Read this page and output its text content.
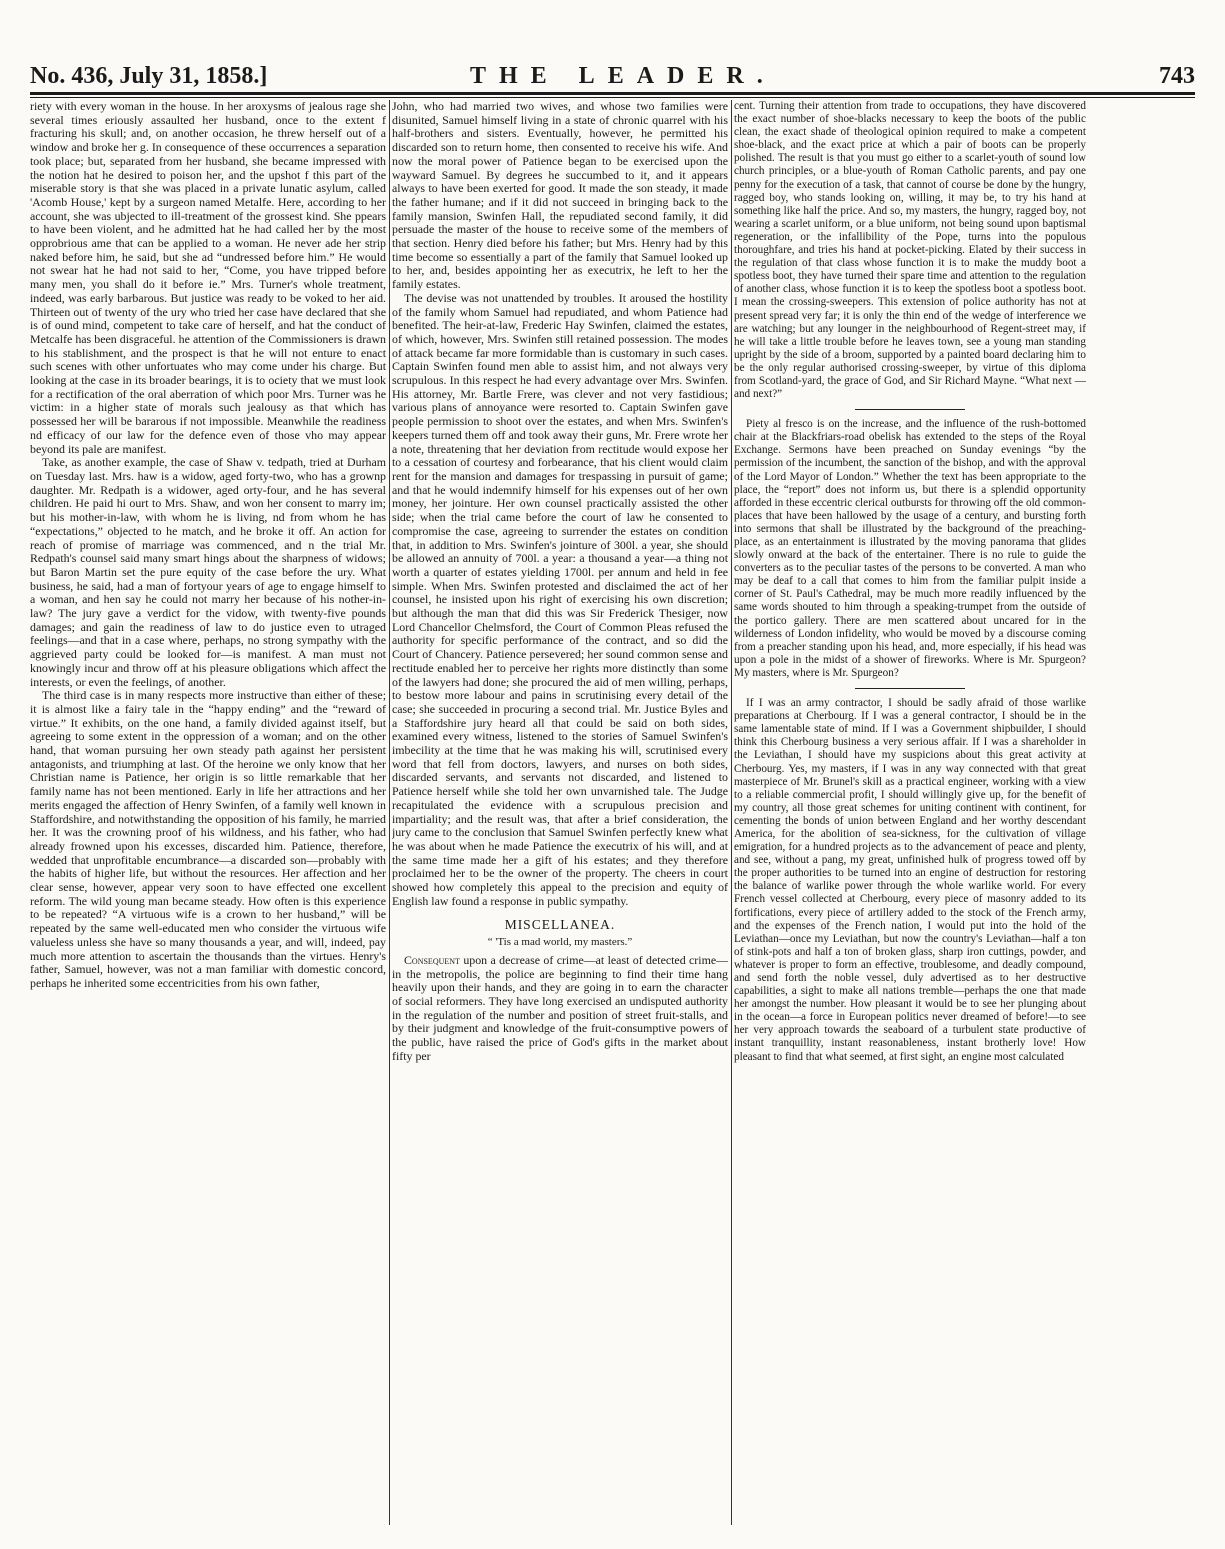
No. 436, July 31, 1858.]	THE LEADER.	743

riety with every woman in the house. In her aroxysms of jealous rage she several times eriously assaulted her husband, once to the extent f fracturing his skull; and, on another occasion, he threw herself out of a window and broke her g. In consequence of these occurrences a separation took place; but, separated from her husband, she became impressed with the notion hat he desired to poison her, and the upshot f this part of the miserable story is that she was placed in a private lunatic asylum, called 'Acomb House,' kept by a surgeon named Metalfe. Here, according to her account, she was ubjected to ill-treatment of the grossest kind. She ppears to have been violent, and he admitted hat he had called her by the most opprobrious ame that can be applied to a woman. He never ade her strip naked before him, he said, but she ad “undressed before him.” He would not swear hat he had not said to her, “Come, you have tripped before many men, you shall do it before ie.” Mrs. Turner's whole treatment, indeed, was early barbarous. But justice was ready to be voked to her aid. Thirteen out of twenty of the ury who tried her case have declared that she is of ound mind, competent to take care of herself, and hat the conduct of Metcalfe has been disgraceful. he attention of the Commissioners is drawn to his stablishment, and the prospect is that he will not enture to enact such scenes with other unfortuates who may come under his charge. But looking at the case in its broader bearings, it is to ociety that we must look for a rectification of the oral aberration of which poor Mrs. Turner was he victim: in a higher state of morals such jealousy as that which has possessed her will be bararous if not impossible. Meanwhile the readiness nd efficacy of our law for the defence even of those vho may appear beyond its pale are manifest.

Take, as another example, the case of Shaw v. tedpath, tried at Durham on Tuesday last. Mrs. haw is a widow, aged forty-two, who has a grownp daughter. Mr. Redpath is a widower, aged orty-four, and he has several children. He paid hi ourt to Mrs. Shaw, and won her consent to marry im; but his mother-in-law, with whom he is living, nd from whom he has “expectations,” objected to he match, and he broke it off. An action for reach of promise of marriage was commenced, and n the trial Mr. Redpath's counsel said many smart hings about the sharpness of widows; but Baron Martin set the pure equity of the case before the ury. What business, he said, had a man of fortyour years of age to engage himself to a woman, and hen say he could not marry her because of his nother-in-law? The jury gave a verdict for the vidow, with twenty-five pounds damages; and gain the readiness of law to do justice even to utraged feelings—and that in a case where, perhaps, no strong sympathy with the aggrieved party could be looked for—is manifest. A man must not knowingly incur and throw off at his pleasure obligations which affect the interests, or even the feelings, of another.

The third case is in many respects more instructive than either of these; it is almost like a fairy tale in the “happy ending” and the “reward of virtue.” It exhibits, on the one hand, a family divided against itself, but agreeing to some extent in the oppression of a woman; and on the other hand, that woman pursuing her own steady path against her persistent antagonists, and triumphing at last. Of the heroine we only know that her Christian name is Patience, her origin is so little remarkable that her family name has not been mentioned. Early in life her attractions and her merits engaged the affection of Henry Swinfen, of a family well known in Staffordshire, and notwithstanding the opposition of his family, he married her. It was the crowning proof of his wildness, and his father, who had already frowned upon his excesses, discarded him. Patience, therefore, wedded that unprofitable encumbrance—a discarded son—probably with the habits of higher life, but without the resources. Her affection and her clear sense, however, appear very soon to have effected one excellent reform. The wild young man became steady. How often is this experience to be repeated? “A virtuous wife is a crown to her husband,” will be repeated by the same well-educated men who consider the virtuous wife valueless unless she have so many thousands a year, and will, indeed, pay much more attention to ascertain the thousands than the virtues. Henry's father, Samuel, however, was not a man familiar with domestic concord, perhaps he inherited some eccentricities from his own father,

John, who had married two wives, and whose two families were disunited, Samuel himself living in a state of chronic quarrel with his half-brothers and sisters. Eventually, however, he permitted his discarded son to return home, then consented to receive his wife. And now the moral power of Patience began to be exercised upon the wayward Samuel. By degrees he succumbed to it, and it appears always to have been exerted for good. It made the son steady, it made the father humane; and if it did not succeed in bringing back to the family mansion, Swinfen Hall, the repudiated second family, it did persuade the master of the house to receive some of the members of that section. Henry died before his father; but Mrs. Henry had by this time become so essentially a part of the family that Samuel looked up to her, and, besides appointing her as executrix, he left to her the family estates.

The devise was not unattended by troubles. It aroused the hostility of the family whom Samuel had repudiated, and whom Patience had benefited. The heir-at-law, Frederic Hay Swinfen, claimed the estates, of which, however, Mrs. Swinfen still retained possession. The modes of attack became far more formidable than is customary in such cases. Captain Swinfen found men able to assist him, and not always very scrupulous. In this respect he had every advantage over Mrs. Swinfen. His attorney, Mr. Bartle Frere, was clever and not very fastidious; various plans of annoyance were resorted to. Captain Swinfen gave people permission to shoot over the estates, and when Mrs. Swinfen's keepers turned them off and took away their guns, Mr. Frere wrote her a note, threatening that her deviation from rectitude would expose her to a cessation of courtesy and forbearance, that his client would claim rent for the mansion and damages for trespassing in pursuit of game; and that he would indemnify himself for his expenses out of her own money, her jointure. Her own counsel practically assisted the other side; when the trial came before the court of law he consented to compromise the case, agreeing to surrender the estates on condition that, in addition to Mrs. Swinfen's jointure of 300l. a year, she should be allowed an annuity of 700l. a year: a thousand a year—a thing not worth a quarter of estates yielding 1700l. per annum and held in fee simple. When Mrs. Swinfen protested and disclaimed the act of her counsel, he insisted upon his right of exercising his own discretion; but although the man that did this was Sir Frederick Thesiger, now Lord Chancellor Chelmsford, the Court of Common Pleas refused the authority for specific performance of the contract, and so did the Court of Chancery. Patience persevered; her sound common sense and rectitude enabled her to perceive her rights more distinctly than some of the lawyers had done; she procured the aid of men willing, perhaps, to bestow more labour and pains in scrutinising every detail of the case; she succeeded in procuring a second trial. Mr. Justice Byles and a Staffordshire jury heard all that could be said on both sides, examined every witness, listened to the stories of Samuel Swinfen's imbecility at the time that he was making his will, scrutinised every word that fell from doctors, lawyers, and nurses on both sides, discarded servants, and servants not discarded, and listened to Patience herself while she told her own unvarnished tale. The Judge recapitulated the evidence with a scrupulous precision and impartiality; and the result was, that after a brief consideration, the jury came to the conclusion that Samuel Swinfen perfectly knew what he was about when he made Patience the executrix of his will, and at the same time made her a gift of his estates; and they therefore proclaimed her to be the owner of the property. The cheers in court showed how completely this appeal to the precision and equity of English law found a response in public sympathy.

MISCELLANEA.
“ 'Tis a mad world, my masters.”

Consequent upon a decrease of crime—at least of detected crime—in the metropolis, the police are beginning to find their time hang heavily upon their hands, and they are going in to earn the character of social reformers. They have long exercised an undisputed authority in the regulation of the number and position of street fruit-stalls, and by their judgment and knowledge of the fruit-consumptive powers of the public, have raised the price of God's gifts in the market about fifty per

cent. Turning their attention from trade to occupations, they have discovered the exact number of shoe-blacks necessary to keep the boots of the public clean, the exact shade of theological opinion required to make a competent shoe-black, and the exact price at which a pair of boots can be properly polished. The result is that you must go either to a scarlet-youth of sound low church principles, or a blue-youth of Roman Catholic parents, and pay one penny for the execution of a task, that cannot of course be done by the hungry, ragged boy, who stands looking on, willing, it may be, to try his hand at something like half the price. And so, my masters, the hungry, ragged boy, not wearing a scarlet uniform, or a blue uniform, not being sound upon baptismal regeneration, or the infallibility of the Pope, turns into the populous thoroughfare, and tries his hand at pocket-picking. Elated by their success in the regulation of that class whose function it is to make the muddy boot a spotless boot, they have turned their spare time and attention to the regulation of another class, whose function it is to keep the spotless boot a spotless boot. I mean the crossing-sweepers. This extension of police authority has not at present spread very far; it is only the thin end of the wedge of interference we are watching; but any lounger in the neighbourhood of Regent-street may, if he will take a little trouble before he leaves town, see a young man standing upright by the side of a broom, supported by a painted board declaring him to be the only regular authorised crossing-sweeper, by virtue of this diploma from Scotland-yard, the grace of God, and Sir Richard Mayne. “What next —and next?”

Piety al fresco is on the increase, and the influence of the rush-bottomed chair at the Blackfriars-road obelisk has extended to the steps of the Royal Exchange. Sermons have been preached on Sunday evenings “by the permission of the incumbent, the sanction of the bishop, and with the approval of the Lord Mayor of London.” Whether the text has been appropriate to the place, the “report” does not inform us, but there is a splendid opportunity afforded in these eccentric clerical outbursts for throwing off the old common-places that have been hallowed by the usage of a century, and bursting forth into sermons that shall be illustrated by the background of the preaching-place, as an entertainment is illustrated by the moving panorama that glides slowly onward at the back of the entertainer. There is no rule to guide the converters as to the peculiar tastes of the persons to be converted. A man who may be deaf to a call that comes to him from the familiar pulpit inside a corner of St. Paul's Cathedral, may be much more readily influenced by the same words shouted to him through a speaking-trumpet from the outside of the portico gallery. There are men scattered about uncared for in the wilderness of London infidelity, who would be moved by a discourse coming from a preacher standing upon his head, and, more especially, if his head was upon a pole in the midst of a shower of fireworks. Where is Mr. Spurgeon? My masters, where is Mr. Spurgeon?

If I was an army contractor, I should be sadly afraid of those warlike preparations at Cherbourg. If I was a general contractor, I should be in the same lamentable state of mind. If I was a Government shipbuilder, I should think this Cherbourg business a very serious affair. If I was a shareholder in the Leviathan, I should have my suspicions about this great activity at Cherbourg. Yes, my masters, if I was in any way connected with that great masterpiece of Mr. Brunel's skill as a practical engineer, working with a view to a reliable commercial profit, I should willingly give up, for the benefit of my country, all those great schemes for uniting continent with continent, for cementing the bonds of union between England and her worthy descendant America, for the abolition of sea-sickness, for the cultivation of village emigration, for a hundred projects as to the advancement of peace and plenty, and see, without a pang, my great, unfinished hulk of progress towed off by the proper authorities to be turned into an engine of destruction for restoring the balance of warlike power through the whole warlike world. For every French vessel collected at Cherbourg, every piece of masonry added to its fortifications, every piece of artillery added to the stock of the French army, and the expenses of the French nation, I would put into the hold of the Leviathan—once my Leviathan, but now the country's Leviathan—half a ton of stink-pots and half a ton of broken glass, sharp iron cuttings, powder, and whatever is proper to form an effective, troublesome, and deadly compound, and send forth the noble vessel, duly advertised as to her destructive capabilities, a sight to make all nations tremble—perhaps the one that made her amongst the number. How pleasant it would be to see her plunging about in the ocean—a force in European politics never dreamed of before!—to see her very approach towards the seaboard of a turbulent state productive of instant tranquillity, instant reasonableness, instant brotherly love! How pleasant to find that what seemed, at first sight, an engine most calculated
